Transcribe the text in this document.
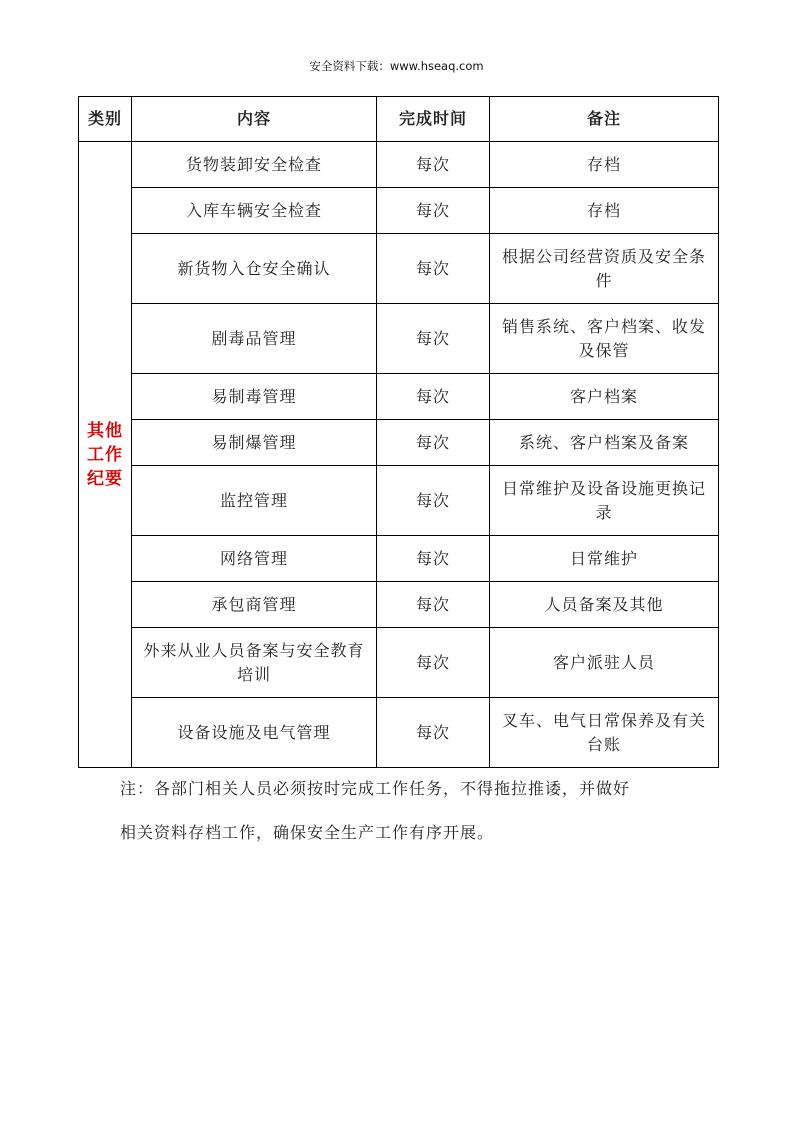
安全资料下载：www.hseaq.com
类别	内容	完成时间	备注
其他工作纪要	货物装卸安全检查	每次	存档
	入库车辆安全检查	每次	存档
	新货物入仓安全确认	每次	根据公司经营资质及安全条件
	剧毒品管理	每次	销售系统、客户档案、收发及保管
	易制毒管理	每次	客户档案
	易制爆管理	每次	系统、客户档案及备案
	监控管理	每次	日常维护及设备设施更换记录
	网络管理	每次	日常维护
	承包商管理	每次	人员备案及其他
	外来从业人员备案与安全教育培训	每次	客户派驻人员
	设备设施及电气管理	每次	叉车、电气日常保养及有关台账
注：各部门相关人员必须按时完成工作任务，不得拖拉推诿，并做好
相关资料存档工作，确保安全生产工作有序开展。
